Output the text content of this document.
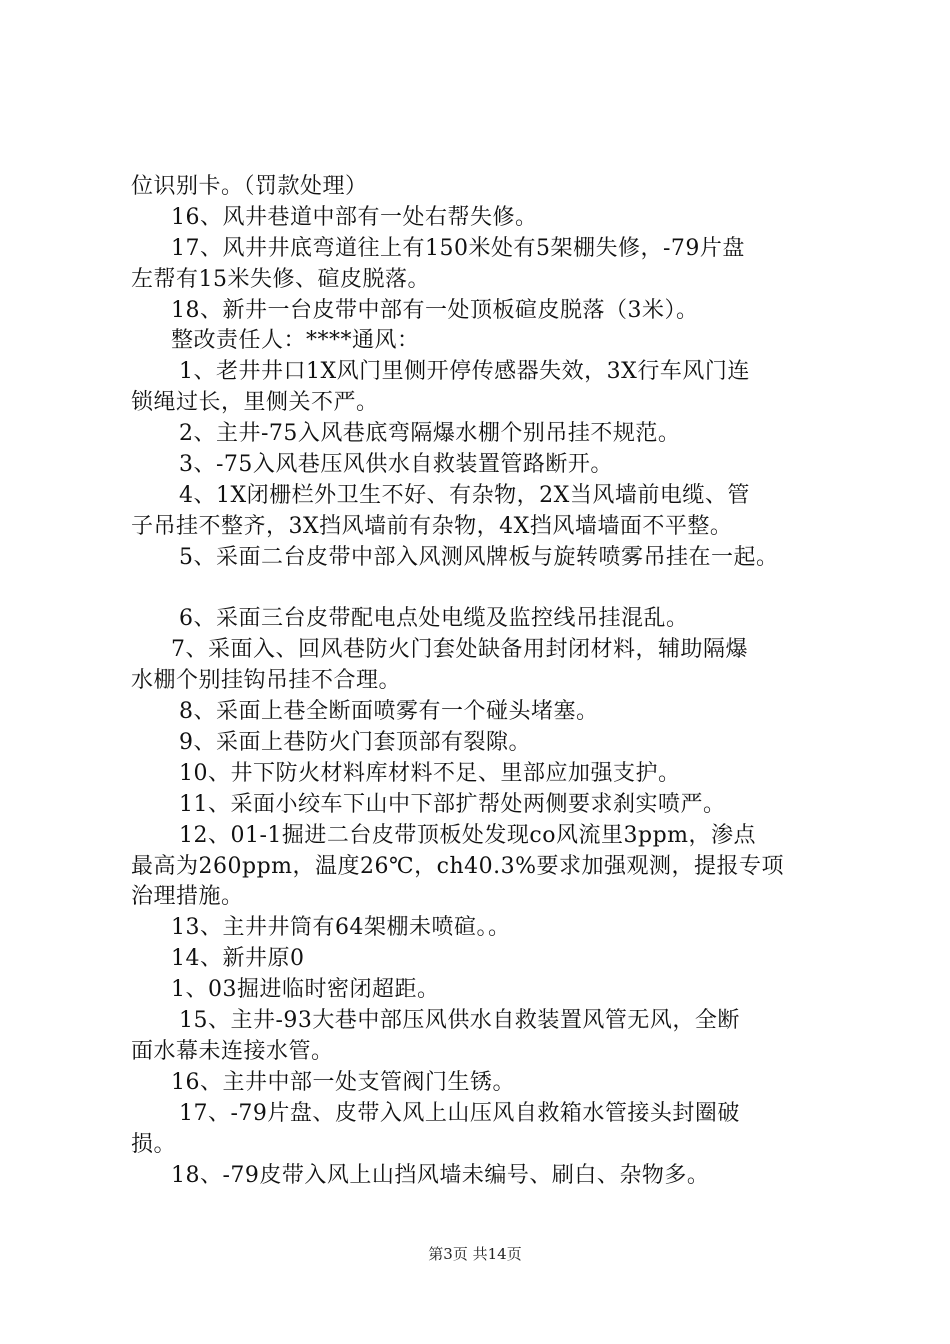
位识别卡。（罚款处理）
16、风井巷道中部有一处右帮失修。
17、风井井底弯道往上有150米处有5架棚失修，-79片盘
左帮有15米失修、碹皮脱落。
18、新井一台皮带中部有一处顶板碹皮脱落（3米）。
整改责任人：****通风：
1、老井井口1X风门里侧开停传感器失效，3X行车风门连
锁绳过长，里侧关不严。
2、主井-75入风巷底弯隔爆水棚个别吊挂不规范。
3、-75入风巷压风供水自救装置管路断开。
4、1X闭栅栏外卫生不好、有杂物，2X当风墙前电缆、管
子吊挂不整齐，3X挡风墙前有杂物，4X挡风墙墙面不平整。
5、采面二台皮带中部入风测风牌板与旋转喷雾吊挂在一起。
6、采面三台皮带配电点处电缆及监控线吊挂混乱。
7、采面入、回风巷防火门套处缺备用封闭材料，辅助隔爆
水棚个别挂钩吊挂不合理。
8、采面上巷全断面喷雾有一个碰头堵塞。
9、采面上巷防火门套顶部有裂隙。
10、井下防火材料库材料不足、里部应加强支护。
11、采面小绞车下山中下部扩帮处两侧要求刹实喷严。
12、01-1掘进二台皮带顶板处发现co风流里3ppm，渗点
最高为260ppm，温度26℃，ch40.3%要求加强观测，提报专项
治理措施。
13、主井井筒有64架棚未喷碹。。
14、新井原0
1、03掘进临时密闭超距。
15、主井-93大巷中部压风供水自救装置风管无风，全断
面水幕未连接水管。
16、主井中部一处支管阀门生锈。
17、-79片盘、皮带入风上山压风自救箱水管接头封圈破
损。
18、-79皮带入风上山挡风墙未编号、刷白、杂物多。
第3页 共14页
